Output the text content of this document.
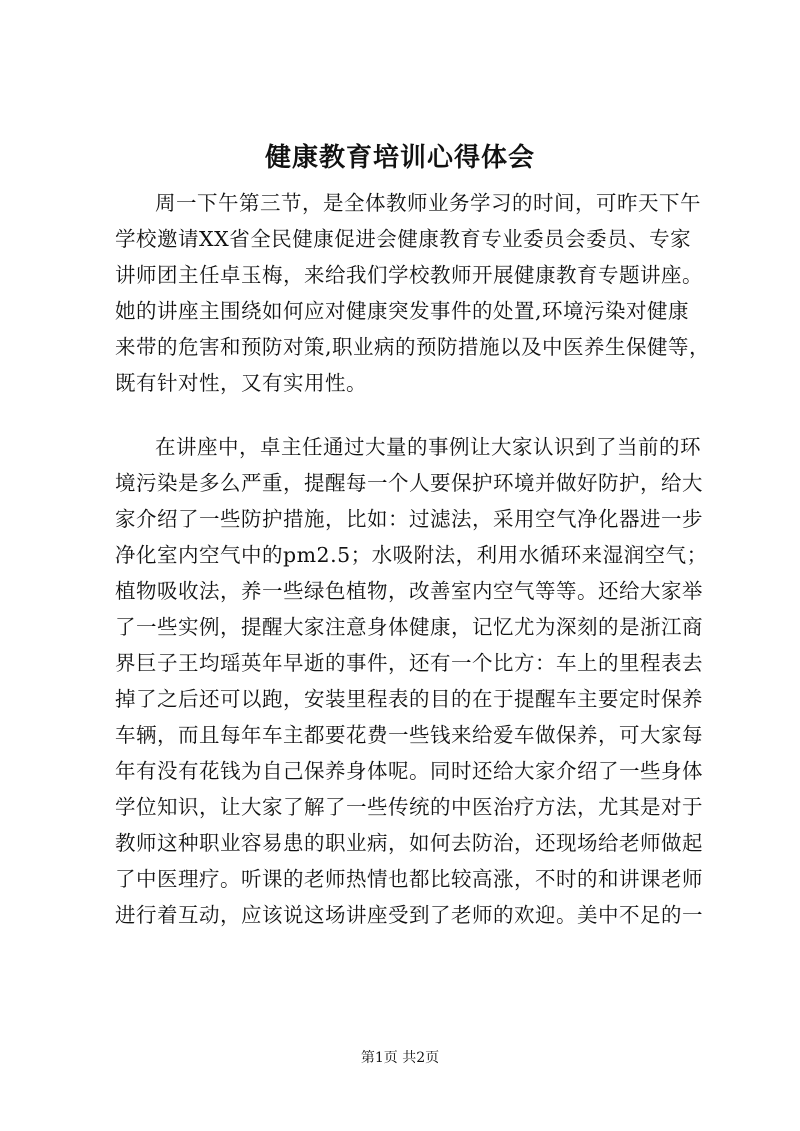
健康教育培训心得体会
周一下午第三节，是全体教师业务学习的时间，可昨天下午
学校邀请XX省全民健康促进会健康教育专业委员会委员、专家
讲师团主任卓玉梅，来给我们学校教师开展健康教育专题讲座。
她的讲座主围绕如何应对健康突发事件的处置,环境污染对健康
来带的危害和预防对策,职业病的预防措施以及中医养生保健等，
既有针对性，又有实用性。
在讲座中，卓主任通过大量的事例让大家认识到了当前的环
境污染是多么严重，提醒每一个人要保护环境并做好防护，给大
家介绍了一些防护措施，比如：过滤法，采用空气净化器进一步
净化室内空气中的pm2.5；水吸附法，利用水循环来湿润空气；
植物吸收法，养一些绿色植物，改善室内空气等等。还给大家举
了一些实例，提醒大家注意身体健康，记忆尤为深刻的是浙江商
界巨子王均瑶英年早逝的事件，还有一个比方：车上的里程表去
掉了之后还可以跑，安装里程表的目的在于提醒车主要定时保养
车辆，而且每年车主都要花费一些钱来给爱车做保养，可大家每
年有没有花钱为自己保养身体呢。同时还给大家介绍了一些身体
学位知识，让大家了解了一些传统的中医治疗方法，尤其是对于
教师这种职业容易患的职业病，如何去防治，还现场给老师做起
了中医理疗。听课的老师热情也都比较高涨，不时的和讲课老师
进行着互动，应该说这场讲座受到了老师的欢迎。美中不足的一
第1页 共2页
